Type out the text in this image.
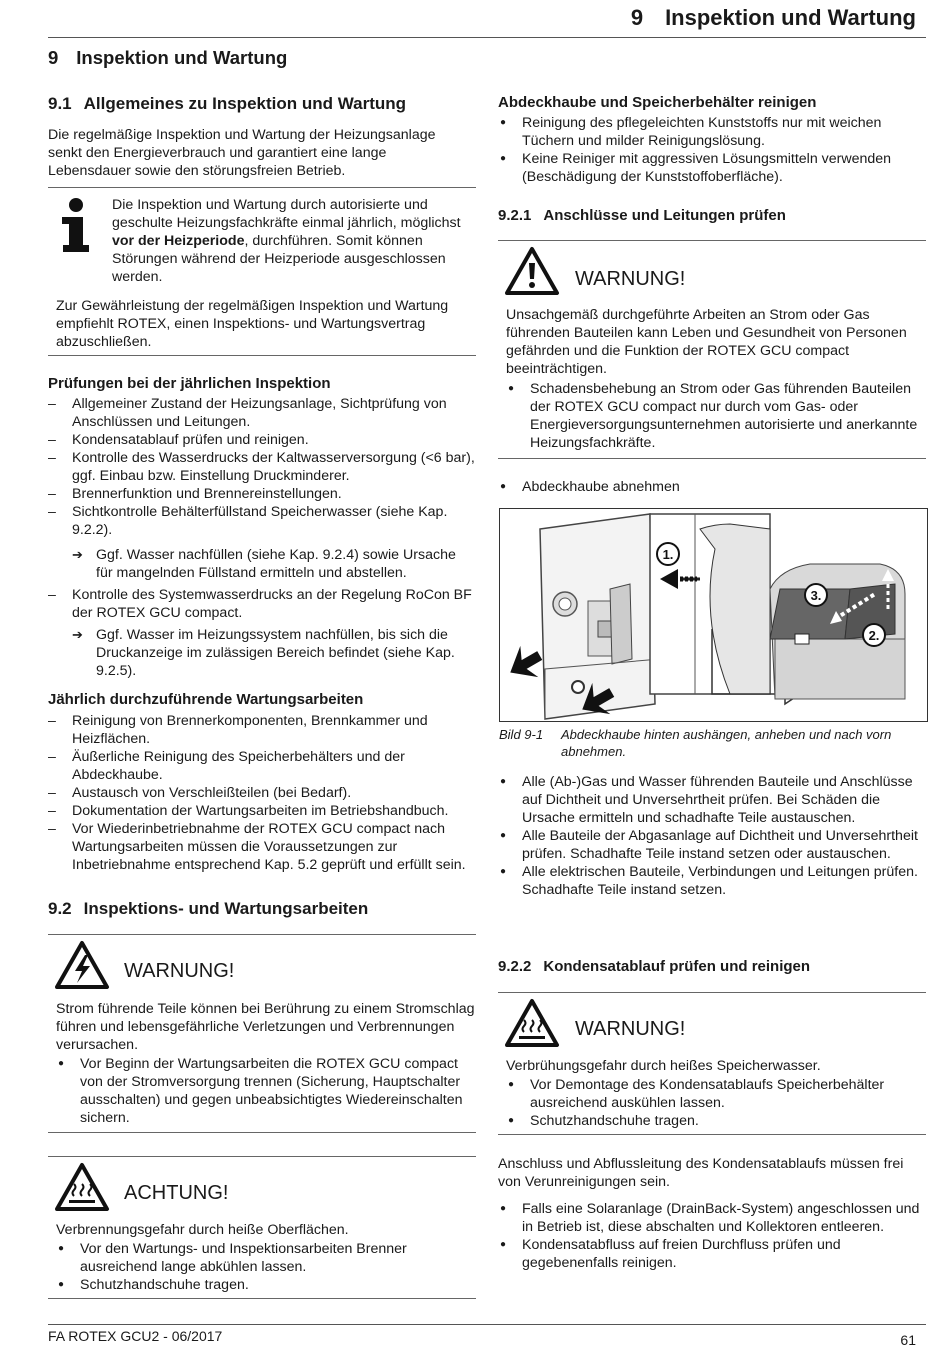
9 Inspektion und Wartung
9 Inspektion und Wartung
9.1 Allgemeines zu Inspektion und Wartung

Die regelmäßige Inspektion und Wartung der Heizungsanlage senkt den Energieverbrauch und garantiert eine lange Lebensdauer sowie den störungsfreien Betrieb.

Die Inspektion und Wartung durch autorisierte und geschulte Heizungsfachkräfte einmal jährlich, möglichst vor der Heizperiode, durchführen. Somit können Störungen während der Heizperiode ausgeschlossen werden.

Zur Gewährleistung der regelmäßigen Inspektion und Wartung empfiehlt ROTEX, einen Inspektions- und Wartungsvertrag abzuschließen.

Prüfungen bei der jährlichen Inspektion
– Allgemeiner Zustand der Heizungsanlage, Sichtprüfung von Anschlüssen und Leitungen.
– Kondensatablauf prüfen und reinigen.
– Kontrolle des Wasserdrucks der Kaltwasserversorgung (<6 bar), ggf. Einbau bzw. Einstellung Druckminderer.
– Brennerfunktion und Brennereinstellungen.
– Sichtkontrolle Behälterfüllstand Speicherwasser (siehe Kap. 9.2.2).
➔ Ggf. Wasser nachfüllen (siehe Kap. 9.2.4) sowie Ursache für mangelnden Füllstand ermitteln und abstellen.
– Kontrolle des Systemwasserdrucks an der Regelung RoCon BF der ROTEX GCU compact.
➔ Ggf. Wasser im Heizungssystem nachfüllen, bis sich die Druckanzeige im zulässigen Bereich befindet (siehe Kap. 9.2.5).
Jährlich durchzuführende Wartungsarbeiten
– Reinigung von Brennerkomponenten, Brennkammer und Heizflächen.
– Äußerliche Reinigung des Speicherbehälters und der Abdeckhaube.
– Austausch von Verschleißteilen (bei Bedarf).
– Dokumentation der Wartungsarbeiten im Betriebshandbuch.
– Vor Wiederinbetriebnahme der ROTEX GCU compact nach Wartungsarbeiten müssen die Voraussetzungen zur Inbetriebnahme entsprechend Kap. 5.2 geprüft und erfüllt sein.
9.2 Inspektions- und Wartungsarbeiten
WARNUNG!

Strom führende Teile können bei Berührung zu einem Stromschlag führen und lebensgefährliche Verletzungen und Verbrennungen verursachen.

● Vor Beginn der Wartungsarbeiten die ROTEX GCU compact von der Stromversorgung trennen (Sicherung, Hauptschalter ausschalten) und gegen unbeabsichtigtes Wiedereinschalten sichern.
ACHTUNG!

Verbrennungsgefahr durch heiße Oberflächen.

● Vor den Wartungs- und Inspektionsarbeiten Brenner ausreichend lange abkühlen lassen.
● Schutzhandschuhe tragen.
Abdeckhaube und Speicherbehälter reinigen
● Reinigung des pflegeleichten Kunststoffs nur mit weichen Tüchern und milder Reinigungslösung.
● Keine Reiniger mit aggressiven Lösungsmitteln verwenden (Beschädigung der Kunststoffoberfläche).
9.2.1 Anschlüsse und Leitungen prüfen
WARNUNG!

Unsachgemäß durchgeführte Arbeiten an Strom oder Gas führenden Bauteilen kann Leben und Gesundheit von Personen gefährden und die Funktion der ROTEX GCU compact beeinträchtigen.

● Schadensbehebung an Strom oder Gas führenden Bauteilen der ROTEX GCU compact nur durch vom Gas- oder Energieversorgungsunternehmen autorisierte und anerkannte Heizungsfachkräfte.
● Abdeckhaube abnehmen
1.
3.
2.
Bild 9-1 Abdeckhaube hinten aushängen, anheben und nach vorn abnehmen.
● Alle (Ab-)Gas und Wasser führenden Bauteile und Anschlüsse auf Dichtheit und Unversehrtheit prüfen. Bei Schäden die Ursache ermitteln und schadhafte Teile austauschen.
● Alle Bauteile der Abgasanlage auf Dichtheit und Unversehrtheit prüfen. Schadhafte Teile instand setzen oder austauschen.
● Alle elektrischen Bauteile, Verbindungen und Leitungen prüfen. Schadhafte Teile instand setzen.
9.2.2 Kondensatablauf prüfen und reinigen
WARNUNG!

Verbrühungsgefahr durch heißes Speicherwasser.

● Vor Demontage des Kondensatablaufs Speicherbehälter ausreichend auskühlen lassen.
● Schutzhandschuhe tragen.

Anschluss und Abflussleitung des Kondensatablaufs müssen frei von Verunreinigungen sein.

● Falls eine Solaranlage (DrainBack-System) angeschlossen und in Betrieb ist, diese abschalten und Kollektoren entleeren.
● Kondensatabfluss auf freien Durchfluss prüfen und gegebenenfalls reinigen.
FA ROTEX GCU2 - 06/2017	61
